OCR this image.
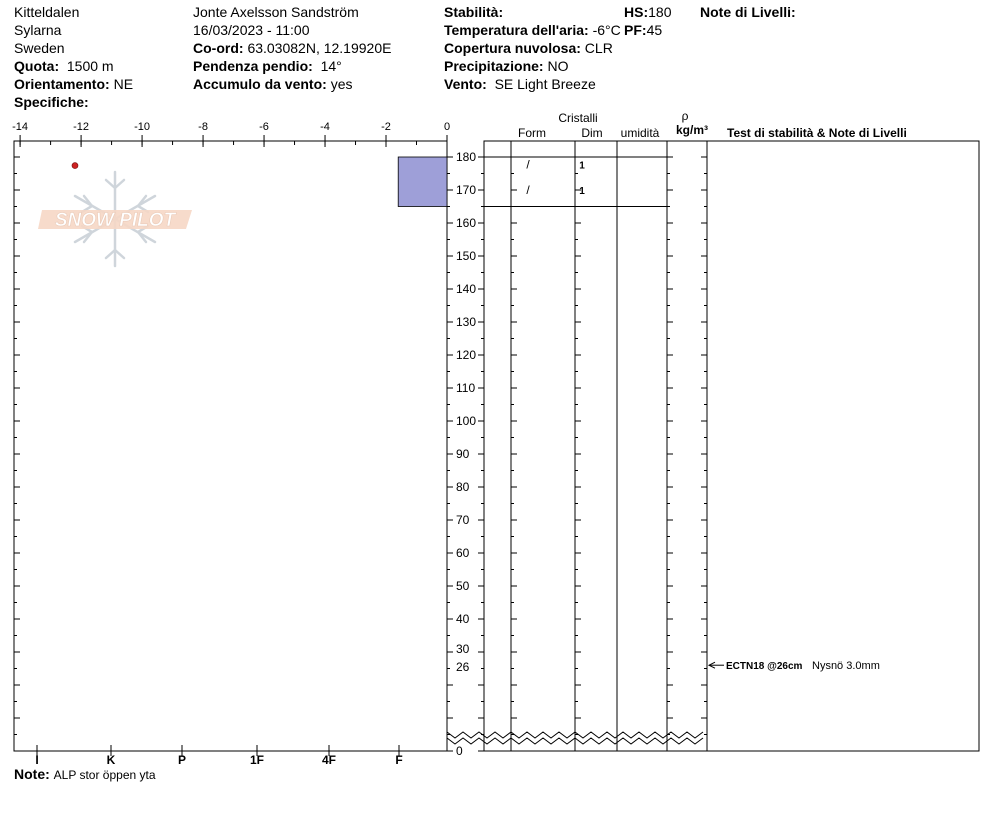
Kitteldalen
Sylarna
Sweden
Quota: 1500 m
Orientamento: NE
Specifiche:
Jonte Axelsson Sandström
16/03/2023 - 11:00
Co-ord: 63.03082N, 12.19920E
Pendenza pendio: 14°
Accumulo da vento: yes
Stabilità:
Temperatura dell'aria: -6°C
Copertura nuvolosa: CLR
Precipitazione: NO
Vento: SE Light Breeze
HS:180
PF:45
Note di Livelli:
Note: ALP stor öppen yta
SNOW PILOT
-14	-12	-10	-8	-6	-4	-2	0
I	K	P	1F	4F	F
180
170
160
150
140
130
120
110
100
90
80
70
60
50
40
30
26
0
/	1
/	1
ECTN18 @26cm Nysnö 3.0mm
Cristalli
Form	Dim umidità
ρ
kg/m³ Test di stabilità & Note di Livelli
